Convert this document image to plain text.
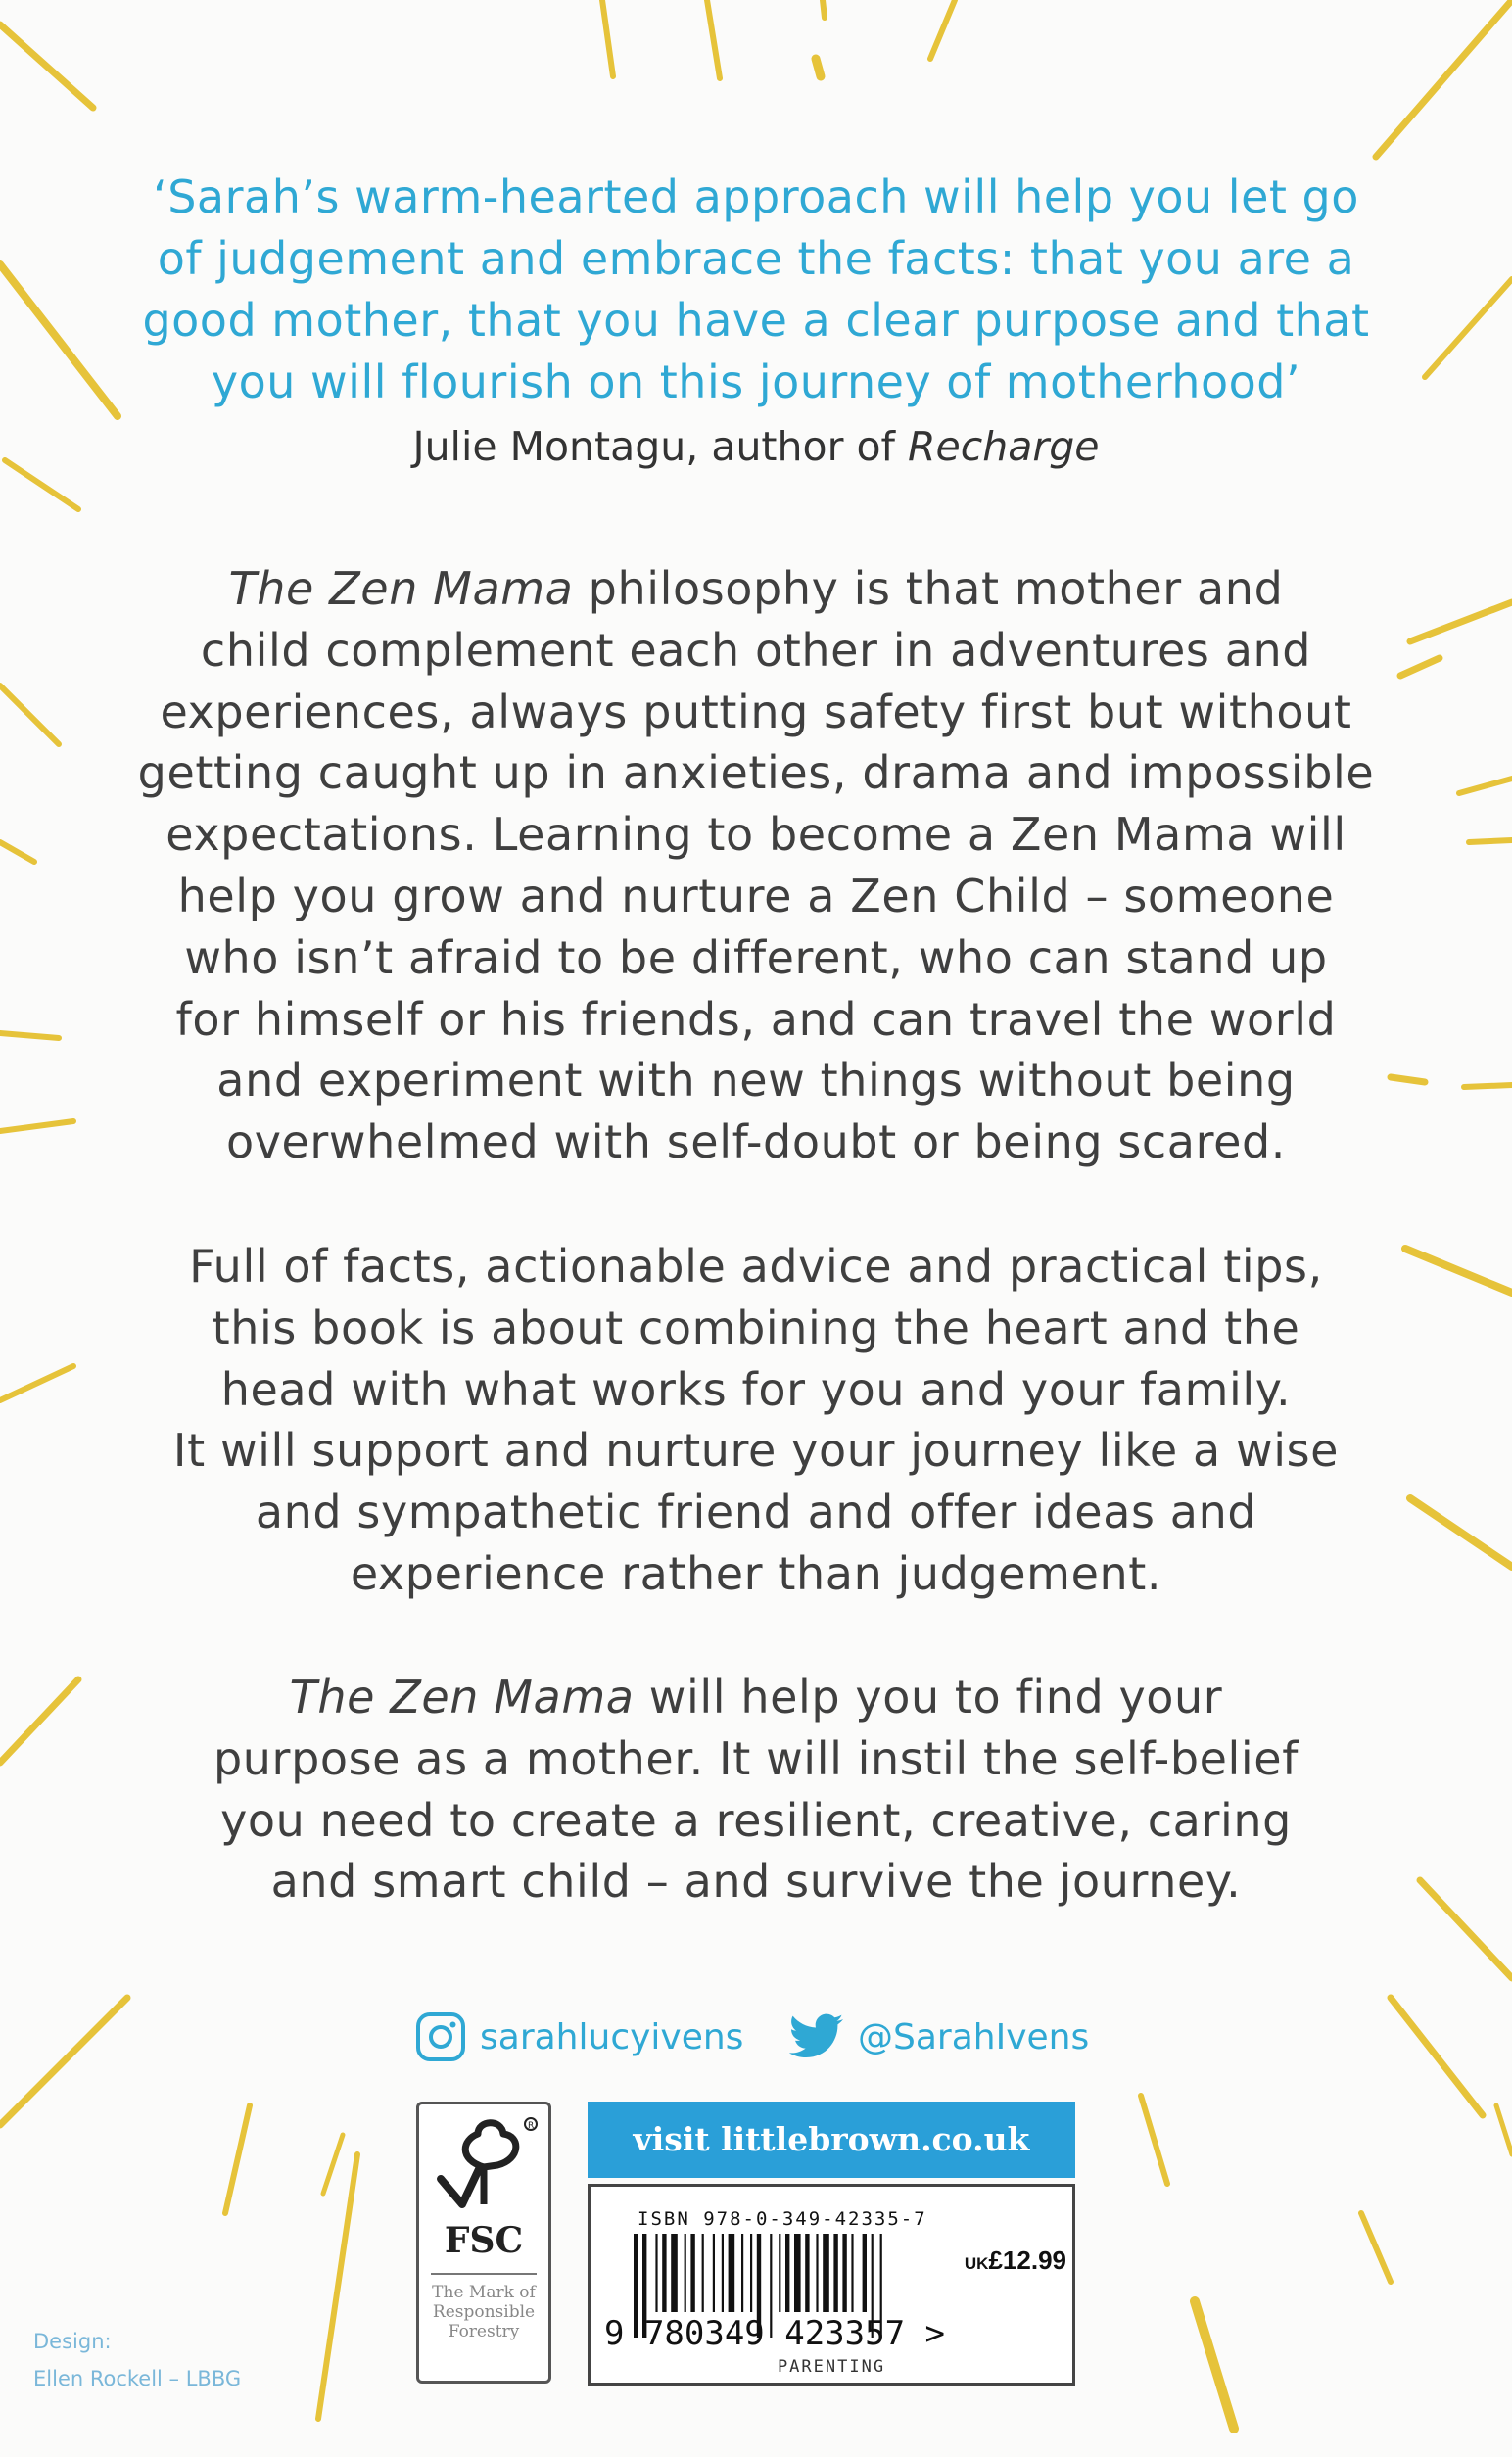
‘Sarah’s warm-hearted approach will help you let go
of judgement and embrace the facts: that you are a
good mother, that you have a clear purpose and that
you will flourish on this journey of motherhood’
Julie Montagu, author of Recharge
The Zen Mama philosophy is that mother and
child complement each other in adventures and
experiences, always putting safety first but without
getting caught up in anxieties, drama and impossible
expectations. Learning to become a Zen Mama will
help you grow and nurture a Zen Child – someone
who isn’t afraid to be different, who can stand up
for himself or his friends, and can travel the world
and experiment with new things without being
overwhelmed with self-doubt or being scared.
Full of facts, actionable advice and practical tips,
this book is about combining the heart and the
head with what works for you and your family.
It will support and nurture your journey like a wise
and sympathetic friend and offer ideas and
experience rather than judgement.
The Zen Mama will help you to find your
purpose as a mother. It will instil the self-belief
you need to create a resilient, creative, caring
and smart child – and survive the journey.
sarahlucyivens	@SarahIvens
R
FSC
The Mark of
Responsible
Forestry
visit littlebrown.co.uk
ISBN 978-0-349-42335-7
UK£12.99
9 780349 423357 >
PARENTING
Design:
Ellen Rockell – LBBG
